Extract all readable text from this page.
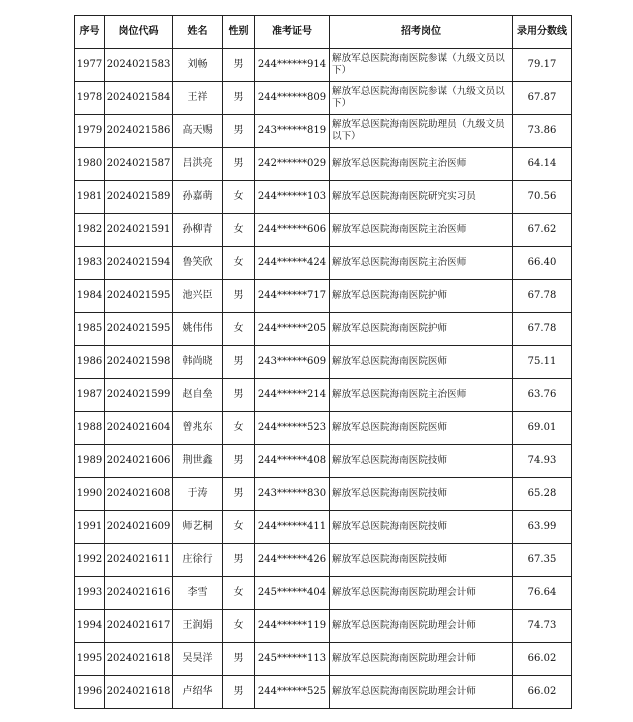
序号	岗位代码	姓名	性别	准考证号	招考岗位	录用分数线
1977	2024021583	刘畅	男	244******914	解放军总医院海南医院参谋（九级文员以下）	79.17
1978	2024021584	王祥	男	244******809	解放军总医院海南医院参谋（九级文员以下）	67.87
1979	2024021586	高天赐	男	243******819	解放军总医院海南医院助理员（九级文员以下）	73.86
1980	2024021587	吕洪亮	男	242******029	解放军总医院海南医院主治医师	64.14
1981	2024021589	孙嘉萌	女	244******103	解放军总医院海南医院研究实习员	70.56
1982	2024021591	孙柳青	女	244******606	解放军总医院海南医院主治医师	67.62
1983	2024021594	鲁笑欣	女	244******424	解放军总医院海南医院主治医师	66.40
1984	2024021595	池兴臣	男	244******717	解放军总医院海南医院护师	67.78
1985	2024021595	姚伟伟	女	244******205	解放军总医院海南医院护师	67.78
1986	2024021598	韩尚晓	男	243******609	解放军总医院海南医院医师	75.11
1987	2024021599	赵自垒	男	244******214	解放军总医院海南医院主治医师	63.76
1988	2024021604	曾兆东	女	244******523	解放军总医院海南医院医师	69.01
1989	2024021606	荆世鑫	男	244******408	解放军总医院海南医院技师	74.93
1990	2024021608	于涛	男	243******830	解放军总医院海南医院技师	65.28
1991	2024021609	师艺桐	女	244******411	解放军总医院海南医院技师	63.99
1992	2024021611	庄徐行	男	244******426	解放军总医院海南医院技师	67.35
1993	2024021616	李雪	女	245******404	解放军总医院海南医院助理会计师	76.64
1994	2024021617	王润娟	女	244******119	解放军总医院海南医院助理会计师	74.73
1995	2024021618	吴昊洋	男	245******113	解放军总医院海南医院助理会计师	66.02
1996	2024021618	卢绍华	男	244******525	解放军总医院海南医院助理会计师	66.02
